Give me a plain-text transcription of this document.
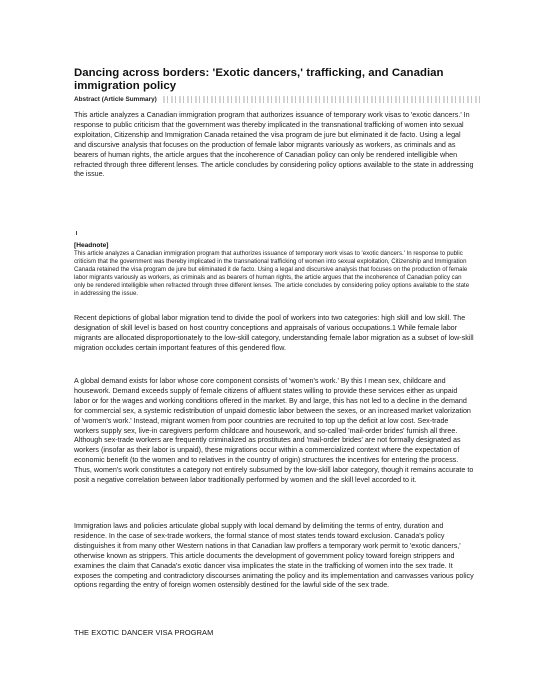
Dancing across borders: 'Exotic dancers,' trafficking, and Canadian immigration policy
Abstract (Article Summary)

This article analyzes a Canadian immigration program that authorizes issuance of temporary work visas to 'exotic dancers.' In response to public criticism that the government was thereby implicated in the transnational trafficking of women into sexual exploitation, Citizenship and Immigration Canada retained the visa program de jure but eliminated it de facto. Using a legal and discursive analysis that focuses on the production of female labor migrants variously as workers, as criminals and as bearers of human rights, the article argues that the incoherence of Canadian policy can only be rendered intelligible when refracted through three different lenses. The article concludes by considering policy options available to the state in addressing the issue.

[Headnote]

This article analyzes a Canadian immigration program that authorizes issuance of temporary work visas to 'exotic dancers.' In response to public criticism that the government was thereby implicated in the transnational trafficking of women into sexual exploitation, Citizenship and Immigration Canada retained the visa program de jure but eliminated it de facto. Using a legal and discursive analysis that focuses on the production of female labor migrants variously as workers, as criminals and as bearers of human rights, the article argues that the incoherence of Canadian policy can only be rendered intelligible when refracted through three different lenses. The article concludes by considering policy options available to the state in addressing the issue.

Recent depictions of global labor migration tend to divide the pool of workers into two categories: high skill and low skill. The designation of skill level is based on host country conceptions and appraisals of various occupations.1 While female labor migrants are allocated disproportionately to the low-skill category, understanding female labor migration as a subset of low-skill migration occludes certain important features of this gendered flow.

A global demand exists for labor whose core component consists of 'women's work.' By this I mean sex, childcare and housework. Demand exceeds supply of female citizens of affluent states willing to provide these services either as unpaid labor or for the wages and working conditions offered in the market. By and large, this has not led to a decline in the demand for commercial sex, a systemic redistribution of unpaid domestic labor between the sexes, or an increased market valorization of 'women's work.' Instead, migrant women from poor countries are recruited to top up the deficit at low cost. Sex-trade workers supply sex, live-in caregivers perform childcare and housework, and so-called 'mail-order brides' furnish all three. Although sex-trade workers are frequently criminalized as prostitutes and 'mail-order brides' are not formally designated as workers (insofar as their labor is unpaid), these migrations occur within a commercialized context where the expectation of economic benefit (to the women and to relatives in the country of origin) structures the incentives for entering the process. Thus, women's work constitutes a category not entirely subsumed by the low-skill labor category, though it remains accurate to posit a negative correlation between labor traditionally performed by women and the skill level accorded to it.

Immigration laws and policies articulate global supply with local demand by delimiting the terms of entry, duration and residence. In the case of sex-trade workers, the formal stance of most states tends toward exclusion. Canada's policy distinguishes it from many other Western nations in that Canadian law proffers a temporary work permit to 'exotic dancers,' otherwise known as strippers. This article documents the development of government policy toward foreign strippers and examines the claim that Canada's exotic dancer visa implicates the state in the trafficking of women into the sex trade. It exposes the competing and contradictory discourses animating the policy and its implementation and canvasses various policy options regarding the entry of foreign women ostensibly destined for the lawful side of the sex trade.

THE EXOTIC DANCER VISA PROGRAM
